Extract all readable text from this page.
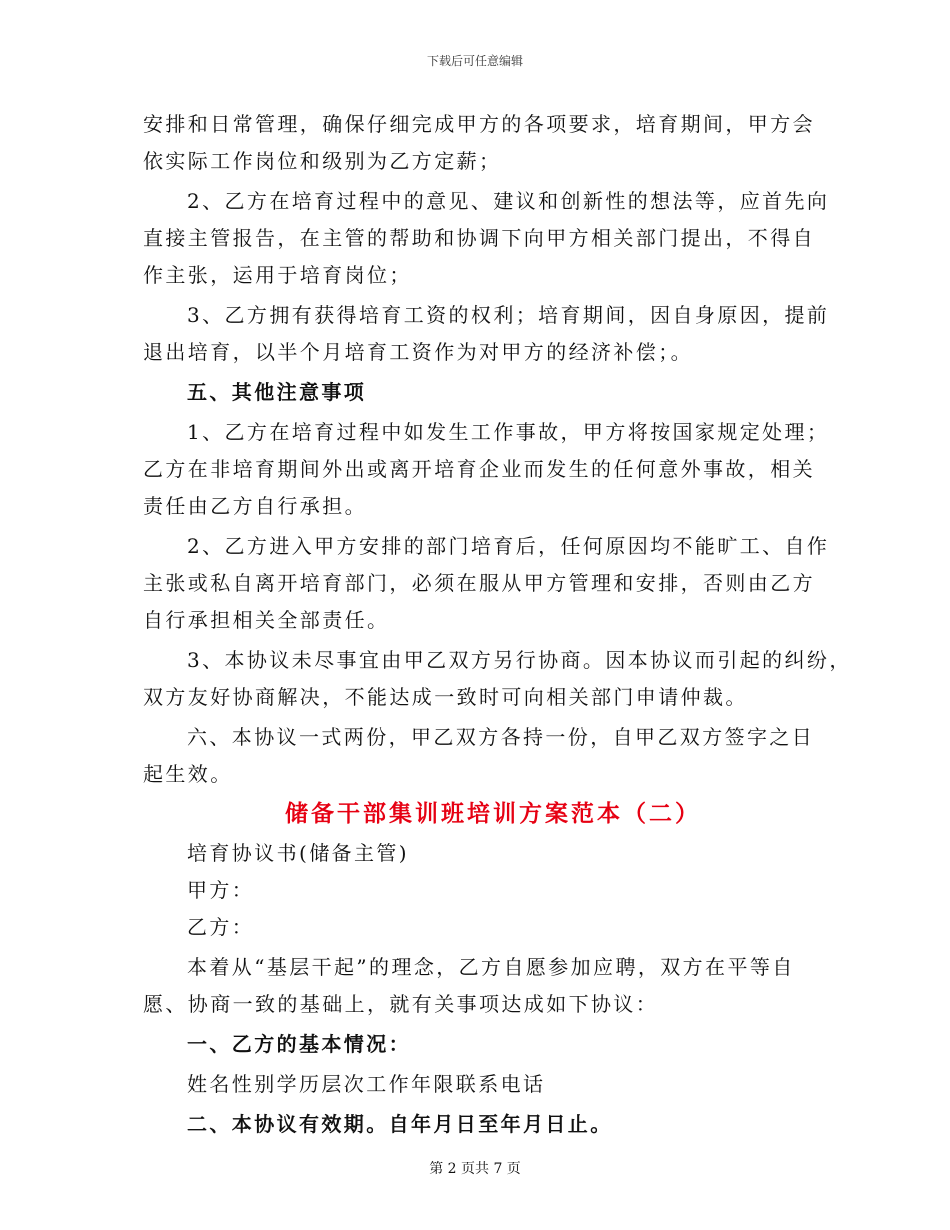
下载后可任意编辑
安排和日常管理，确保仔细完成甲方的各项要求，培育期间，甲方会
依实际工作岗位和级别为乙方定薪；
2、乙方在培育过程中的意见、建议和创新性的想法等，应首先向
直接主管报告，在主管的帮助和协调下向甲方相关部门提出，不得自
作主张，运用于培育岗位；
3、乙方拥有获得培育工资的权利；培育期间，因自身原因，提前
退出培育，以半个月培育工资作为对甲方的经济补偿；。
五、其他注意事项
1、乙方在培育过程中如发生工作事故，甲方将按国家规定处理；
乙方在非培育期间外出或离开培育企业而发生的任何意外事故，相关
责任由乙方自行承担。
2、乙方进入甲方安排的部门培育后，任何原因均不能旷工、自作
主张或私自离开培育部门，必须在服从甲方管理和安排，否则由乙方
自行承担相关全部责任。
3、本协议未尽事宜由甲乙双方另行协商。因本协议而引起的纠纷，
双方友好协商解决，不能达成一致时可向相关部门申请仲裁。
六、本协议一式两份，甲乙双方各持一份，自甲乙双方签字之日
起生效。
储备干部集训班培训方案范本（二）
培育协议书(储备主管)
甲方：
乙方：
本着从“基层干起”的理念，乙方自愿参加应聘，双方在平等自
愿、协商一致的基础上，就有关事项达成如下协议：
一、乙方的基本情况：
姓名性别学历层次工作年限联系电话
二、本协议有效期。自年月日至年月日止。
第 2 页共 7 页
